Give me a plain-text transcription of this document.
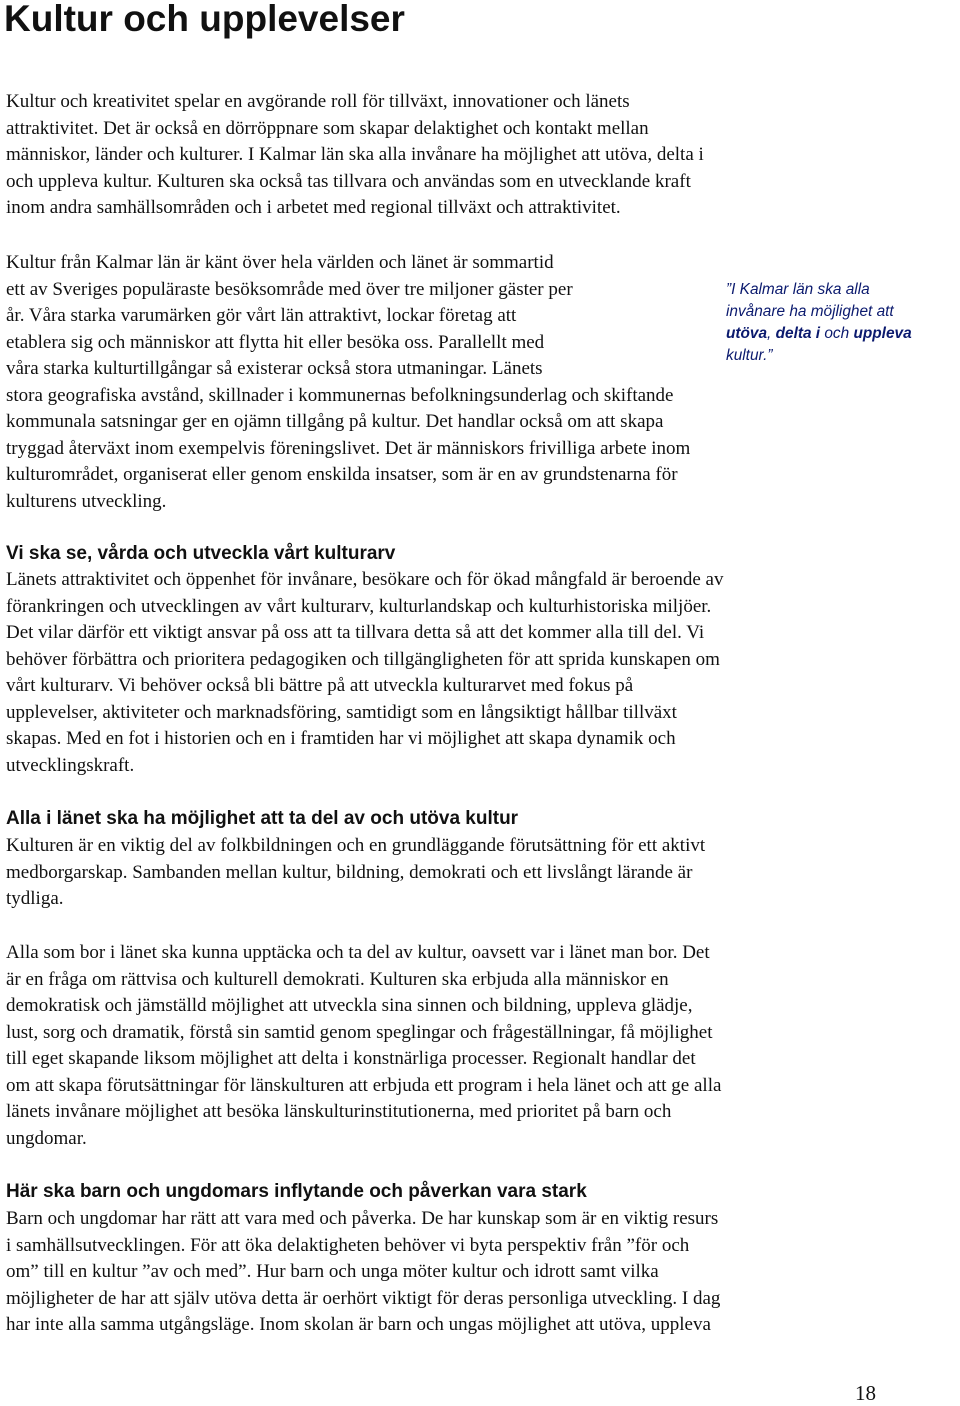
Kultur och upplevelser
Kultur och kreativitet spelar en avgörande roll för tillväxt, innovationer och länets
attraktivitet. Det är också en dörröppnare som skapar delaktighet och kontakt mellan
människor, länder och kulturer. I Kalmar län ska alla invånare ha möjlighet att utöva, delta i
och uppleva kultur. Kulturen ska också tas tillvara och användas som en utvecklande kraft
inom andra samhällsområden och i arbetet med regional tillväxt och attraktivitet.
Kultur från Kalmar län är känt över hela världen och länet är sommartid
ett av Sveriges populäraste besöksområde med över tre miljoner gäster per
år. Våra starka varumärken gör vårt län attraktivt, lockar företag att
etablera sig och människor att flytta hit eller besöka oss. Parallellt med
våra starka kulturtillgångar så existerar också stora utmaningar. Länets
stora geografiska avstånd, skillnader i kommunernas befolkningsunderlag och skiftande
kommunala satsningar ger en ojämn tillgång på kultur. Det handlar också om att skapa
tryggad återväxt inom exempelvis föreningslivet. Det är människors frivilliga arbete inom
kulturområdet, organiserat eller genom enskilda insatser, som är en av grundstenarna för
kulturens utveckling.
”I Kalmar län ska alla
invånare ha möjlighet att
utöva, delta i och uppleva
kultur.”
Vi ska se, vårda och utveckla vårt kulturarv
Länets attraktivitet och öppenhet för invånare, besökare och för ökad mångfald är beroende av
förankringen och utvecklingen av vårt kulturarv, kulturlandskap och kulturhistoriska miljöer.
Det vilar därför ett viktigt ansvar på oss att ta tillvara detta så att det kommer alla till del. Vi
behöver förbättra och prioritera pedagogiken och tillgängligheten för att sprida kunskapen om
vårt kulturarv. Vi behöver också bli bättre på att utveckla kulturarvet med fokus på
upplevelser, aktiviteter och marknadsföring, samtidigt som en långsiktigt hållbar tillväxt
skapas. Med en fot i historien och en i framtiden har vi möjlighet att skapa dynamik och
utvecklingskraft.
Alla i länet ska ha möjlighet att ta del av och utöva kultur
Kulturen är en viktig del av folkbildningen och en grundläggande förutsättning för ett aktivt
medborgarskap. Sambanden mellan kultur, bildning, demokrati och ett livslångt lärande är
tydliga.
Alla som bor i länet ska kunna upptäcka och ta del av kultur, oavsett var i länet man bor. Det
är en fråga om rättvisa och kulturell demokrati. Kulturen ska erbjuda alla människor en
demokratisk och jämställd möjlighet att utveckla sina sinnen och bildning, uppleva glädje,
lust, sorg och dramatik, förstå sin samtid genom speglingar och frågeställningar, få möjlighet
till eget skapande liksom möjlighet att delta i konstnärliga processer. Regionalt handlar det
om att skapa förutsättningar för länskulturen att erbjuda ett program i hela länet och att ge alla
länets invånare möjlighet att besöka länskulturinstitutionerna, med prioritet på barn och
ungdomar.
Här ska barn och ungdomars inflytande och påverkan vara stark
Barn och ungdomar har rätt att vara med och påverka. De har kunskap som är en viktig resurs
i samhällsutvecklingen. För att öka delaktigheten behöver vi byta perspektiv från ”för och
om” till en kultur ”av och med”. Hur barn och unga möter kultur och idrott samt vilka
möjligheter de har att själv utöva detta är oerhört viktigt för deras personliga utveckling. I dag
har inte alla samma utgångsläge. Inom skolan är barn och ungas möjlighet att utöva, uppleva
18
